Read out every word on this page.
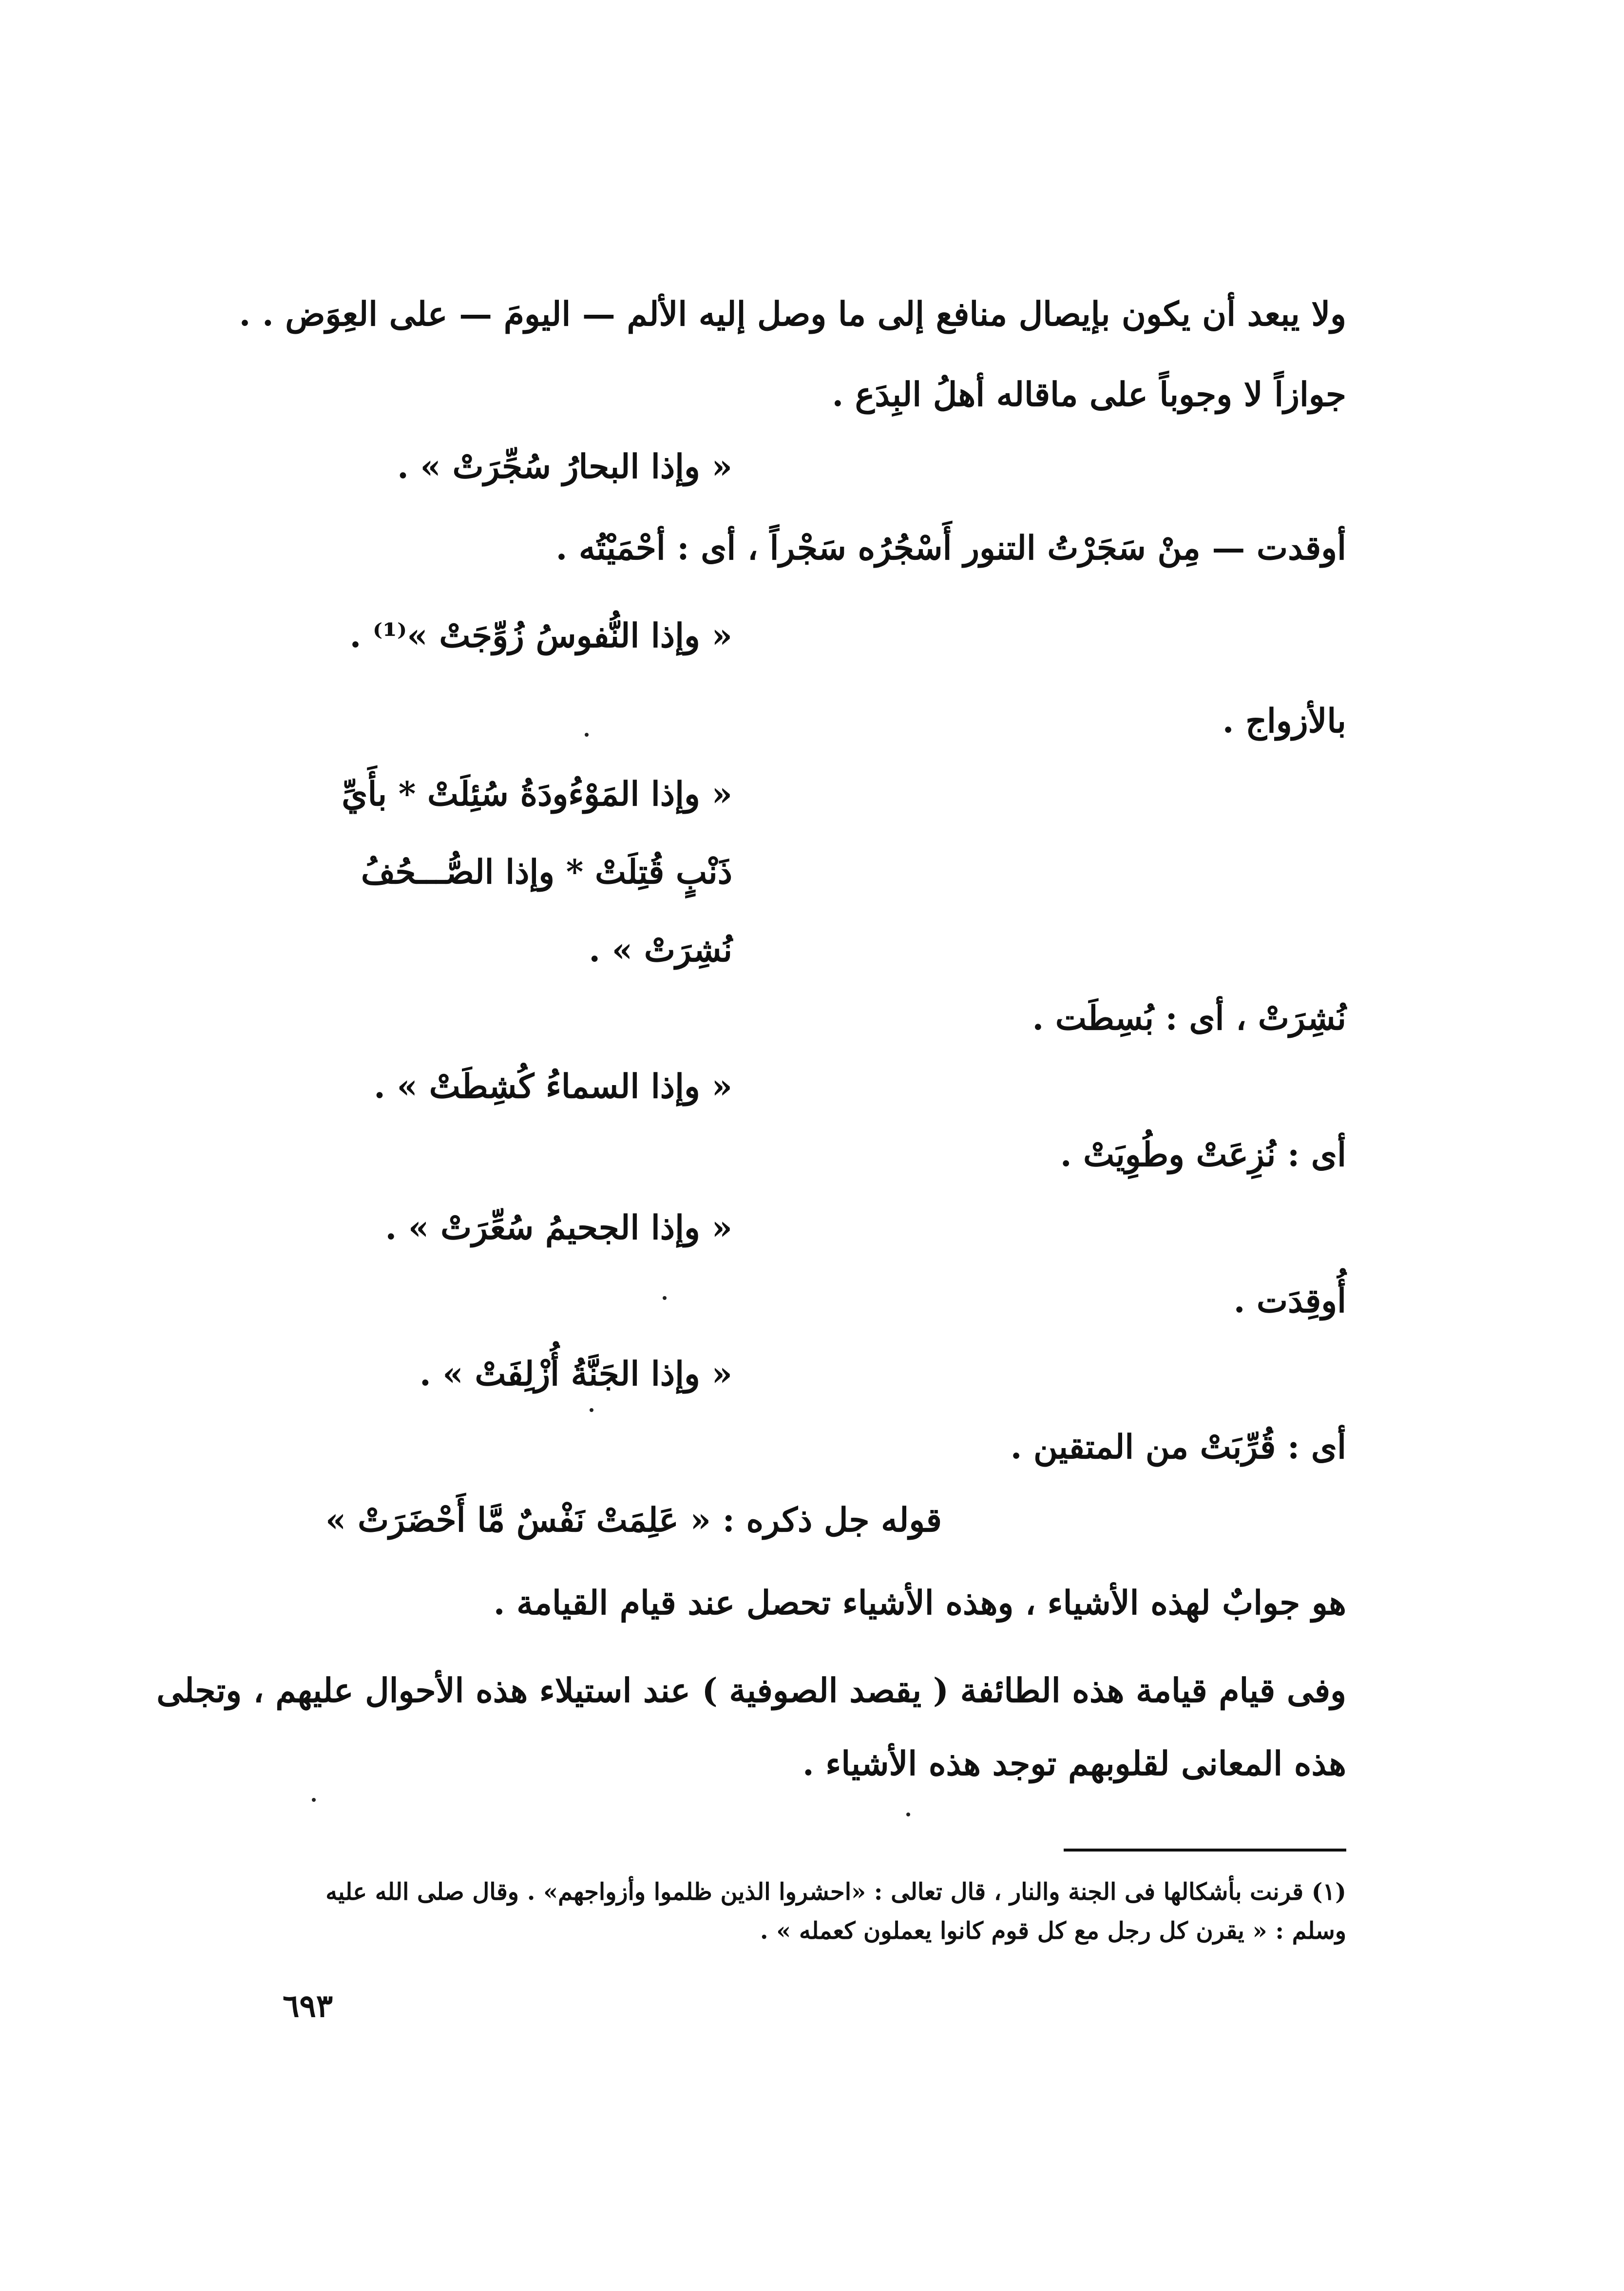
ولا يبعد أن يكون بإيصال منافع إلى ما وصل إليه الألم — اليومَ — على العِوَض . .
جوازاً لا وجوباً على ماقاله أهلُ البِدَع .
« وإذا البحارُ سُجِّرَتْ » .
أوقدت — مِنْ سَجَرْتُ التنور أَسْجُرُه سَجْراً ، أى : أحْمَيْتُه .
« وإذا النُّفوسُ زُوِّجَتْ »⁽¹⁾ .
بالأزواج .
« وإذا المَوْءُودَةُ سُئِلَتْ * بأَيِّ
ذَنْبٍ قُتِلَتْ * وإذا الصُّـــحُفُ
نُشِرَتْ » .
نُشِرَتْ ، أى : بُسِطَت .
« وإذا السماءُ كُشِطَتْ » .
أى : نُزِعَتْ وطُوِيَتْ .
« وإذا الجحيمُ سُعِّرَتْ » .
أُوقِدَت .
« وإذا الجَنَّةُ أُزْلِفَتْ » .
أى : قُرِّبَتْ من المتقين .
قوله جل ذكره : « عَلِمَتْ نَفْسٌ مَّا أَحْضَرَتْ »
هو جوابٌ لهذه الأشياء ، وهذه الأشياء تحصل عند قيام القيامة .
وفى قيام قيامة هذه الطائفة ( يقصد الصوفية ) عند استيلاء هذه الأحوال عليهم ، وتجلى
هذه المعانى لقلوبهم توجد هذه الأشياء .
(١) قرنت بأشكالها فى الجنة والنار ، قال تعالى : «احشروا الذين ظلموا وأزواجهم» . وقال صلى الله عليه
وسلم : « يقرن كل رجل مع كل قوم كانوا يعملون كعمله » .
٦٩٣
